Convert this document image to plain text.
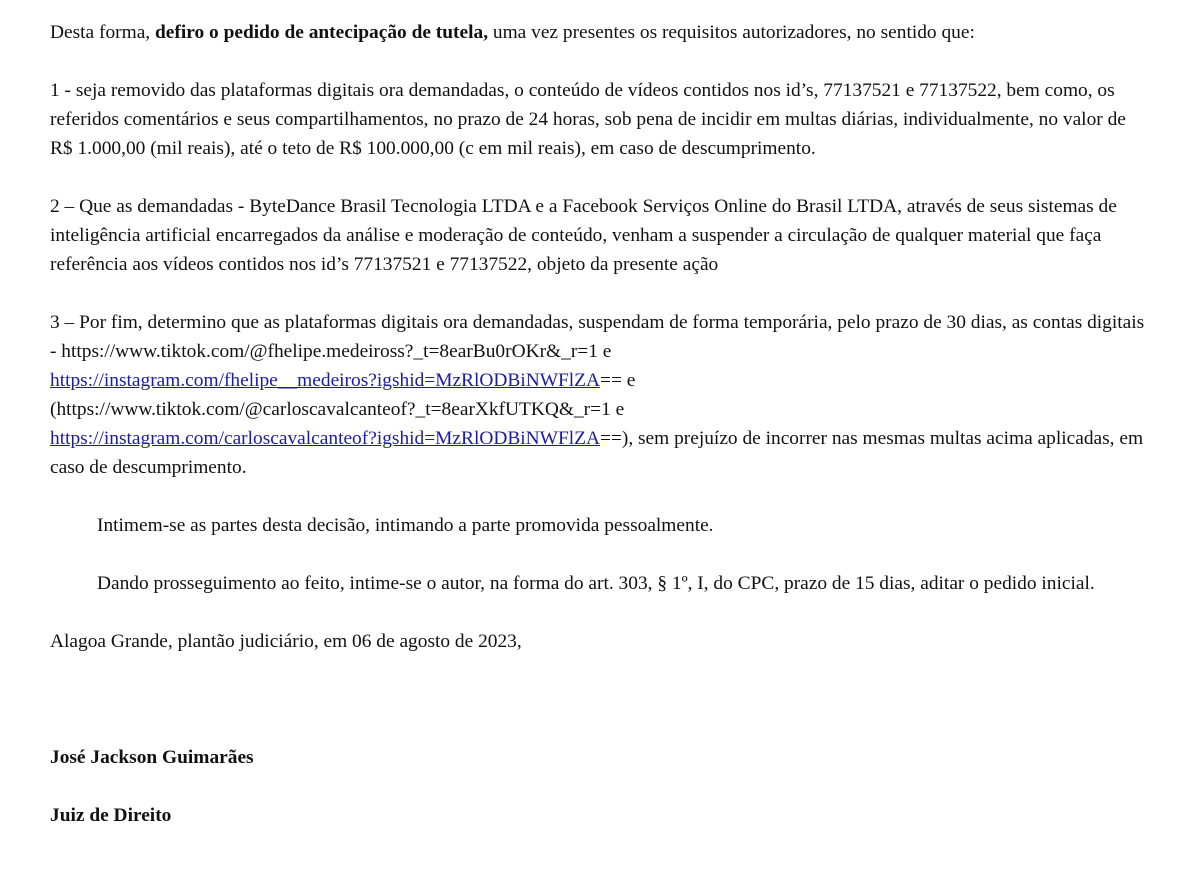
Desta forma, defiro o pedido de antecipação de tutela, uma vez presentes os requisitos autorizadores, no sentido que:

1 - seja removido das plataformas digitais ora demandadas, o conteúdo de vídeos contidos nos id’s, 77137521 e 77137522, bem como, os referidos comentários e seus compartilhamentos, no prazo de 24 horas, sob pena de incidir em multas diárias, individualmente, no valor de R$ 1.000,00 (mil reais), até o teto de R$ 100.000,00 (c em mil reais), em caso de descumprimento.

2 – Que as demandadas - ByteDance Brasil Tecnologia LTDA e a Facebook Serviços Online do Brasil LTDA, através de seus sistemas de inteligência artificial encarregados da análise e moderação de conteúdo, venham a suspender a circulação de qualquer material que faça referência aos vídeos contidos nos id’s 77137521 e 77137522, objeto da presente ação

3 – Por fim, determino que as plataformas digitais ora demandadas, suspendam de forma temporária, pelo prazo de 30 dias, as contas digitais - https://www.tiktok.com/@fhelipe.medeiross?_t=8earBu0rOKr&_r=1 e
https://instagram.com/fhelipe__medeiros?igshid=MzRlODBiNWFlZA== e
(https://www.tiktok.com/@carloscavalcanteof?_t=8earXkfUTKQ&_r=1 e
https://instagram.com/carloscavalcanteof?igshid=MzRlODBiNWFlZA==), sem prejuízo de incorrer nas mesmas multas acima aplicadas, em caso de descumprimento.

Intimem-se as partes desta decisão, intimando a parte promovida pessoalmente.

Dando prosseguimento ao feito, intime-se o autor, na forma do art. 303, § 1º, I, do CPC, prazo de 15 dias, aditar o pedido inicial.

Alagoa Grande, plantão judiciário, em 06 de agosto de 2023,

José Jackson Guimarães
Juiz de Direito
